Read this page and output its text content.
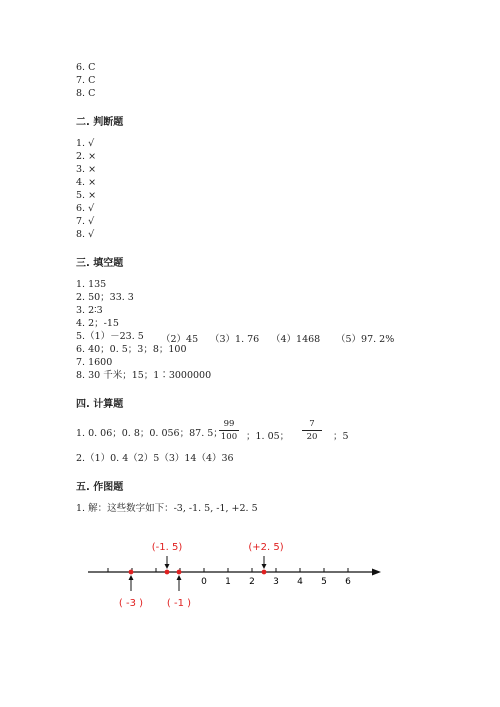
6. C
7. C
8. C
二. 判断题
1. √
2. ×
3. ×
4. ×
5. ×
6. √
7. √
8. √
三. 填空题
1. 135
2. 50；33. 3
3. 2∶3
4. 2；-15
5.（1）－23. 5 （2）45 （3）1. 76 （4）1468 （5）97. 2%
6. 40；0. 5；3；8；100
7. 1600
8. 30 千米；15；1∶3000000
四. 计算题
1. 0. 06；0. 8；0. 056；87. 5；
$\frac{99}{100}$ ；1. 05； $\frac{7}{20}$ ；5
2.（1）0. 4（2）5（3）14（4）36
五. 作图题
1. 解：这些数字如下：-3, -1. 5, -1, +2. 5
0 1 2 3 4 5 6
(-1. 5)	(+2. 5)
( -3 ) ( -1 )
